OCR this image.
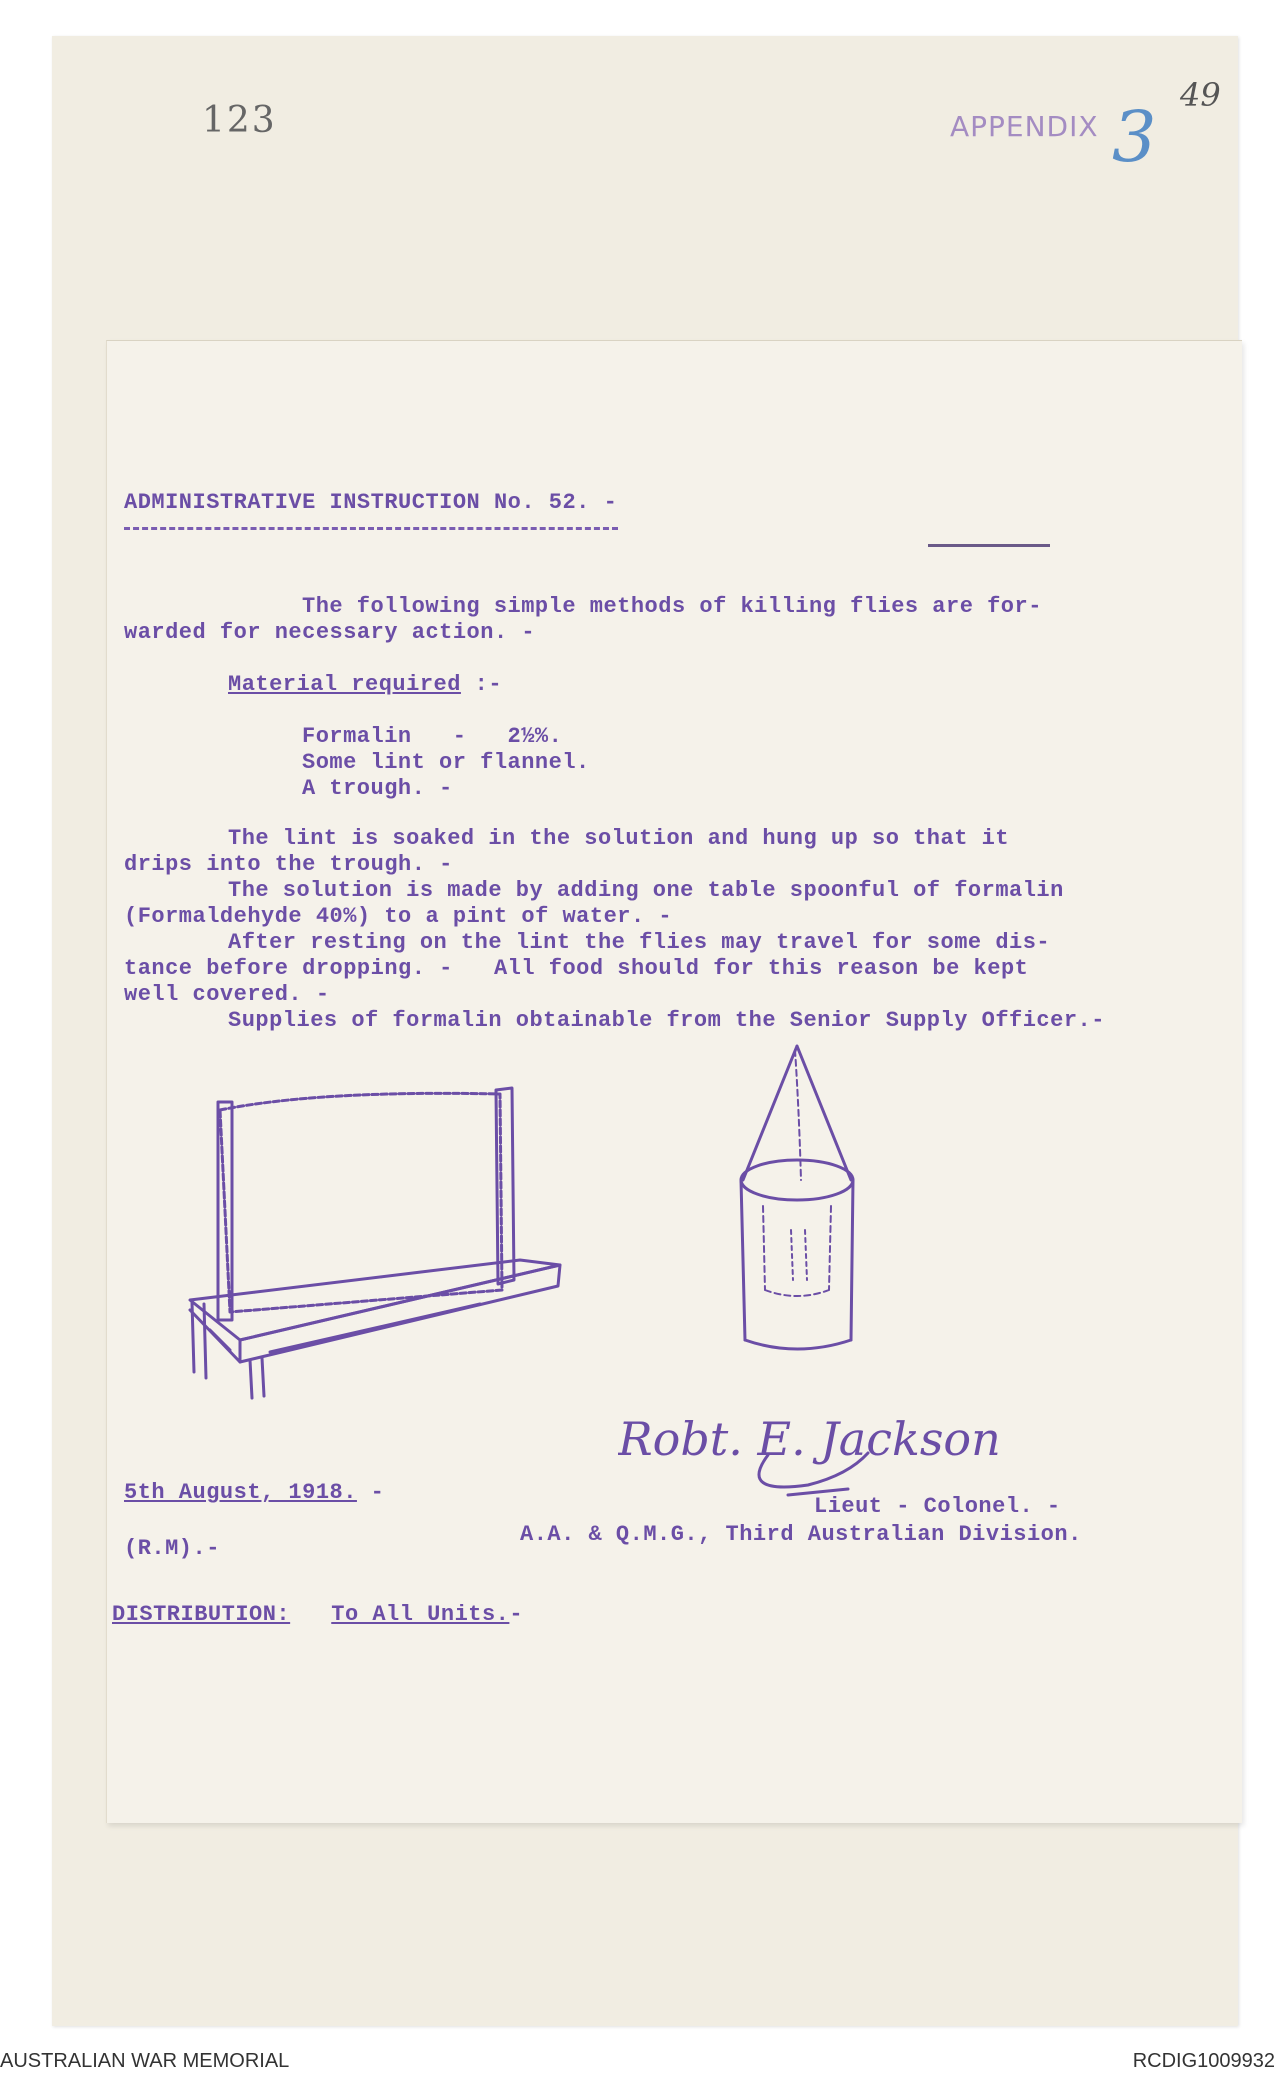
123	APPENDIX 3
49
ADMINISTRATIVE INSTRUCTION No. 52. -
The following simple methods of killing flies are for-
warded for necessary action. -
Material required :-
Formalin   -   2½%.
Some lint or flannel.
A trough. -
The lint is soaked in the solution and hung up so that it
drips into the trough. -
The solution is made by adding one table spoonful of formalin
(Formaldehyde 40%) to a pint of water. -
After resting on the lint the flies may travel for some dis-
tance before dropping. -   All food should for this reason be kept
well covered. -
Supplies of formalin obtainable from the Senior Supply Officer.-
Robt. E. Jackson
5th August, 1918. -
Lieut - Colonel. -
(R.M).-
A.A. & Q.M.G., Third Australian Division.
DISTRIBUTION: To All Units.-
AUSTRALIAN WAR MEMORIAL	RCDIG1009932
